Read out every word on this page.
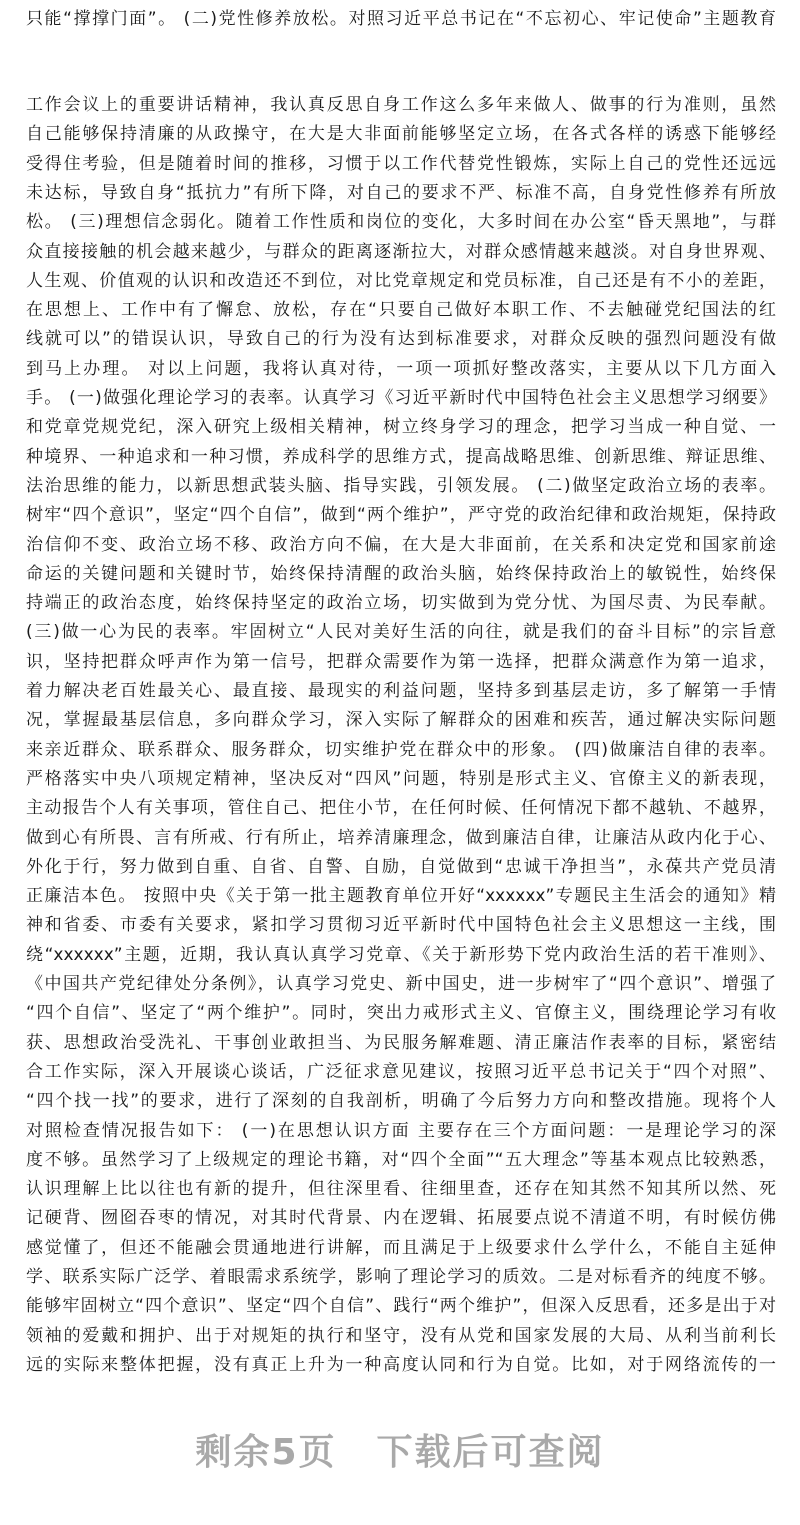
只能“撑撑门面”。 (二)党性修养放松。对照习近平总书记在“不忘初心、牢记使命”主题教育
工作会议上的重要讲话精神，我认真反思自身工作这么多年来做人、做事的行为准则，虽然
自己能够保持清廉的从政操守，在大是大非面前能够坚定立场，在各式各样的诱惑下能够经
受得住考验，但是随着时间的推移，习惯于以工作代替党性锻炼，实际上自己的党性还远远
未达标，导致自身“抵抗力”有所下降，对自己的要求不严、标准不高，自身党性修养有所放
松。 (三)理想信念弱化。随着工作性质和岗位的变化，大多时间在办公室“昏天黑地”，与群
众直接接触的机会越来越少，与群众的距离逐渐拉大，对群众感情越来越淡。对自身世界观、
人生观、价值观的认识和改造还不到位，对比党章规定和党员标准，自己还是有不小的差距，
在思想上、工作中有了懈怠、放松，存在“只要自己做好本职工作、不去触碰党纪国法的红
线就可以”的错误认识，导致自己的行为没有达到标准要求，对群众反映的强烈问题没有做
到马上办理。 对以上问题，我将认真对待，一项一项抓好整改落实，主要从以下几方面入
手。 (一)做强化理论学习的表率。认真学习《习近平新时代中国特色社会主义思想学习纲要》
和党章党规党纪，深入研究上级相关精神，树立终身学习的理念，把学习当成一种自觉、一
种境界、一种追求和一种习惯，养成科学的思维方式，提高战略思维、创新思维、辩证思维、
法治思维的能力，以新思想武装头脑、指导实践，引领发展。 (二)做坚定政治立场的表率。
树牢“四个意识”，坚定“四个自信”，做到“两个维护”，严守党的政治纪律和政治规矩，保持政
治信仰不变、政治立场不移、政治方向不偏，在大是大非面前，在关系和决定党和国家前途
命运的关键问题和关键时节，始终保持清醒的政治头脑，始终保持政治上的敏锐性，始终保
持端正的政治态度，始终保持坚定的政治立场，切实做到为党分忧、为国尽责、为民奉献。
(三)做一心为民的表率。牢固树立“人民对美好生活的向往，就是我们的奋斗目标”的宗旨意
识，坚持把群众呼声作为第一信号，把群众需要作为第一选择，把群众满意作为第一追求，
着力解决老百姓最关心、最直接、最现实的利益问题，坚持多到基层走访，多了解第一手情
况，掌握最基层信息，多向群众学习，深入实际了解群众的困难和疾苦，通过解决实际问题
来亲近群众、联系群众、服务群众，切实维护党在群众中的形象。 (四)做廉洁自律的表率。
严格落实中央八项规定精神，坚决反对“四风”问题，特别是形式主义、官僚主义的新表现，
主动报告个人有关事项，管住自己、把住小节，在任何时候、任何情况下都不越轨、不越界，
做到心有所畏、言有所戒、行有所止，培养清廉理念，做到廉洁自律，让廉洁从政内化于心、
外化于行，努力做到自重、自省、自警、自励，自觉做到“忠诚干净担当”，永葆共产党员清
正廉洁本色。 按照中央《关于第一批主题教育单位开好“xxxxxx”专题民主生活会的通知》精
神和省委、市委有关要求，紧扣学习贯彻习近平新时代中国特色社会主义思想这一主线，围
绕“xxxxxx”主题，近期，我认真认真学习党章、《关于新形势下党内政治生活的若干准则》、
《中国共产党纪律处分条例》，认真学习党史、新中国史，进一步树牢了“四个意识”、增强了
“四个自信”、坚定了“两个维护”。同时，突出力戒形式主义、官僚主义，围绕理论学习有收
获、思想政治受洗礼、干事创业敢担当、为民服务解难题、清正廉洁作表率的目标，紧密结
合工作实际，深入开展谈心谈话，广泛征求意见建议，按照习近平总书记关于“四个对照”、
“四个找一找”的要求，进行了深刻的自我剖析，明确了今后努力方向和整改措施。现将个人
对照检查情况报告如下： (一)在思想认识方面 主要存在三个方面问题：一是理论学习的深
度不够。虽然学习了上级规定的理论书籍，对“四个全面”“五大理念”等基本观点比较熟悉，
认识理解上比以往也有新的提升，但往深里看、往细里查，还存在知其然不知其所以然、死
记硬背、囫囵吞枣的情况，对其时代背景、内在逻辑、拓展要点说不清道不明，有时候仿佛
感觉懂了，但还不能融会贯通地进行讲解，而且满足于上级要求什么学什么，不能自主延伸
学、联系实际广泛学、着眼需求系统学，影响了理论学习的质效。二是对标看齐的纯度不够。
能够牢固树立“四个意识”、坚定“四个自信”、践行“两个维护”，但深入反思看，还多是出于对
领袖的爱戴和拥护、出于对规矩的执行和坚守，没有从党和国家发展的大局、从利当前利长
远的实际来整体把握，没有真正上升为一种高度认同和行为自觉。比如，对于网络流传的一
剩余5页 下载后可查阅
